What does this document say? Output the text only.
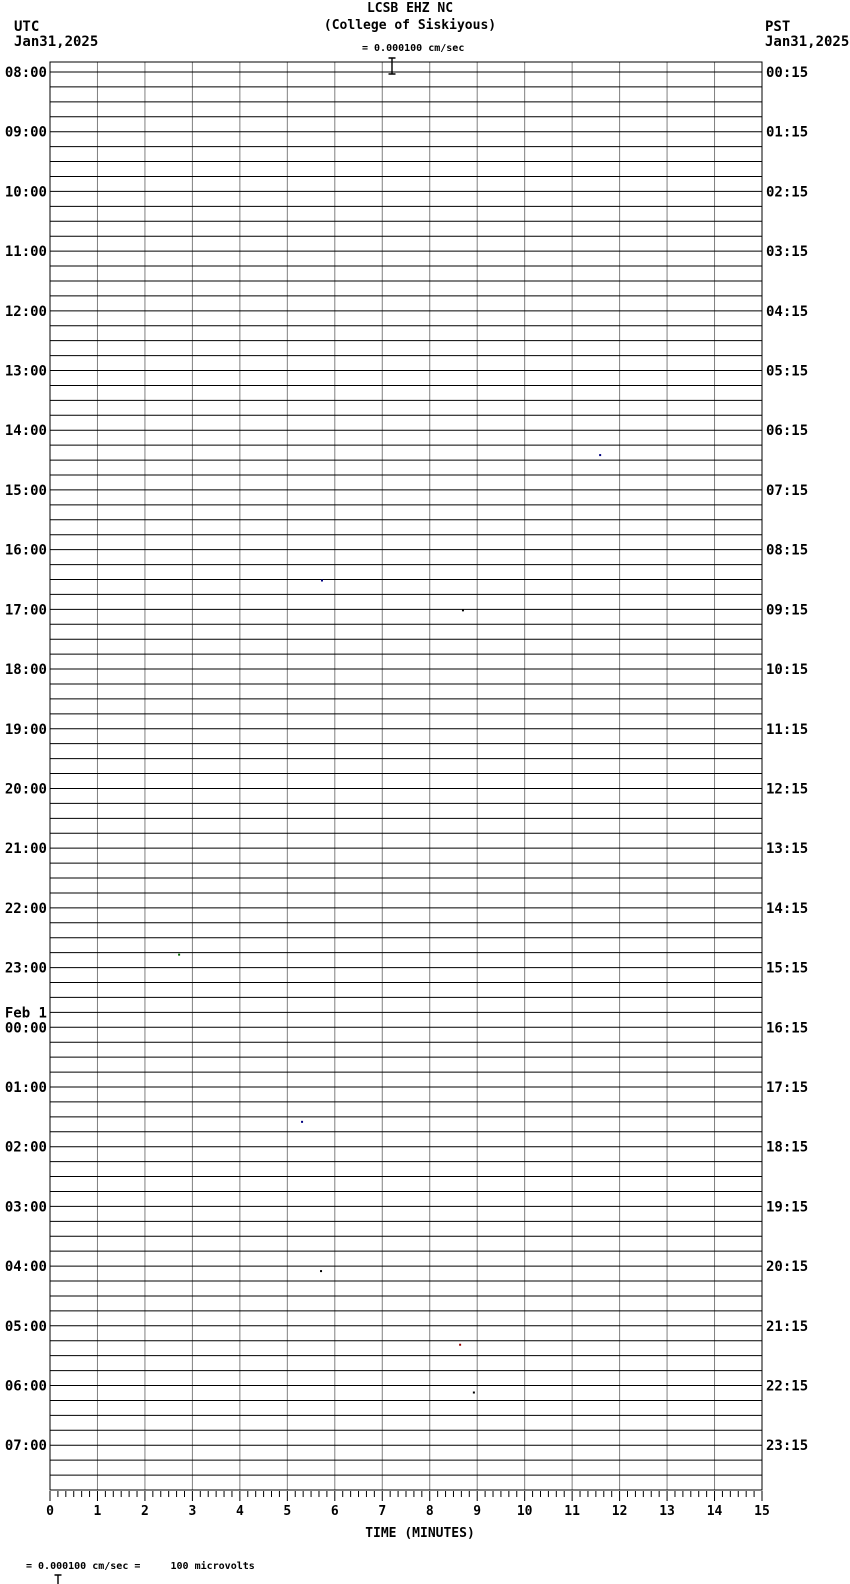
UTC
Jan31,2025
LCSB EHZ NC
(College of Siskiyous)

= 0.000100 cm/sec
PST
Jan31,2025
0	1	2	3	4	5	6	7	8	9	10 11 12 13 14 15
TIME (MINUTES)
08:00
09:00
10:00
11:00
12:00
13:00
14:00
15:00
16:00
17:00
18:00
19:00
20:00
21:00
22:00
23:00
00:00
Feb 1
01:00
02:00
03:00
04:00
05:00
06:00
07:00
00:15
01:15
02:15
03:15
04:15
05:15
06:15
07:15
08:15
09:15
10:15
11:15
12:15
13:15
14:15
15:15
16:15
17:15
18:15
19:15
20:15
21:15
22:15
23:15

= 0.000100 cm/sec =     100 microvolts
